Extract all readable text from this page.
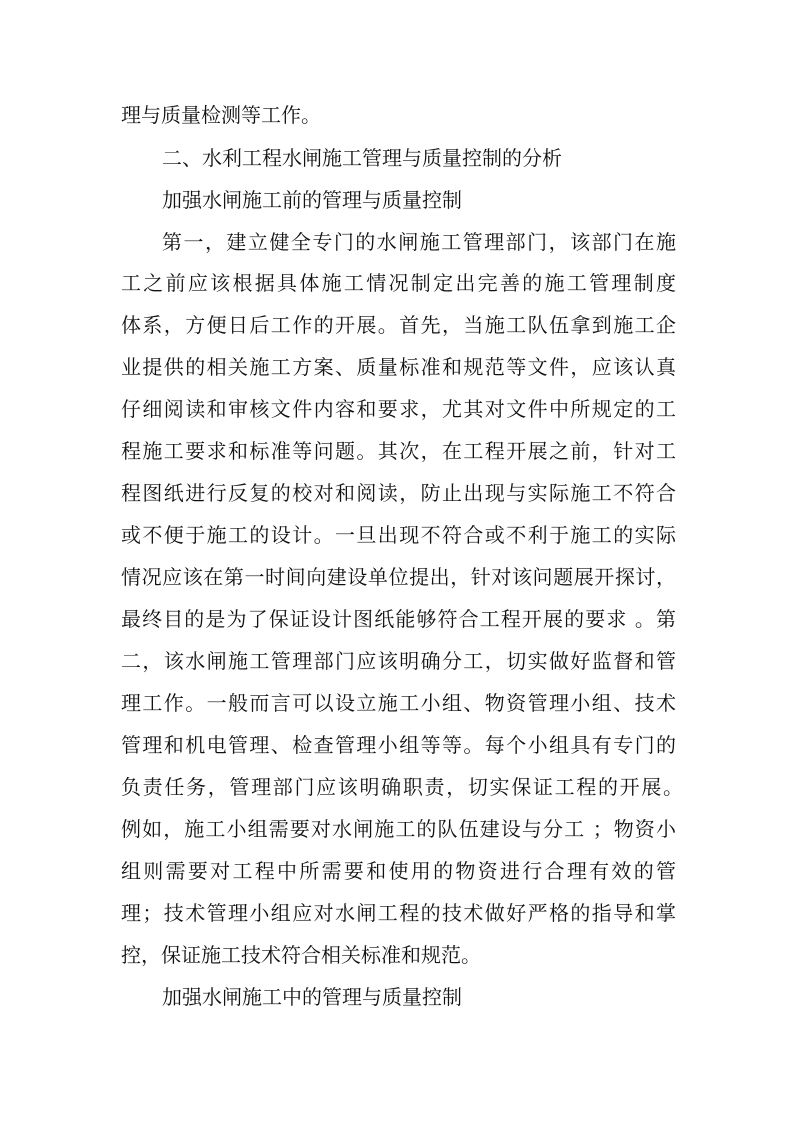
理与质量检测等工作。
二、水利工程水闸施工管理与质量控制的分析
加强水闸施工前的管理与质量控制
第一，建立健全专门的水闸施工管理部门，该部门在施
工之前应该根据具体施工情况制定出完善的施工管理制度
体系，方便日后工作的开展。首先，当施工队伍拿到施工企
业提供的相关施工方案、质量标准和规范等文件，应该认真
仔细阅读和审核文件内容和要求，尤其对文件中所规定的工
程施工要求和标准等问题。其次，在工程开展之前，针对工
程图纸进行反复的校对和阅读，防止出现与实际施工不符合
或不便于施工的设计。一旦出现不符合或不利于施工的实际
情况应该在第一时间向建设单位提出，针对该问题展开探讨，
最终目的是为了保证设计图纸能够符合工程开展的要求 。第
二，该水闸施工管理部门应该明确分工，切实做好监督和管
理工作。一般而言可以设立施工小组、物资管理小组、技术
管理和机电管理、检查管理小组等等。每个小组具有专门的
负责任务，管理部门应该明确职责，切实保证工程的开展。
例如，施工小组需要对水闸施工的队伍建设与分工 ；物资小
组则需要对工程中所需要和使用的物资进行合理有效的管
理；技术管理小组应对水闸工程的技术做好严格的指导和掌
控，保证施工技术符合相关标准和规范。
加强水闸施工中的管理与质量控制
